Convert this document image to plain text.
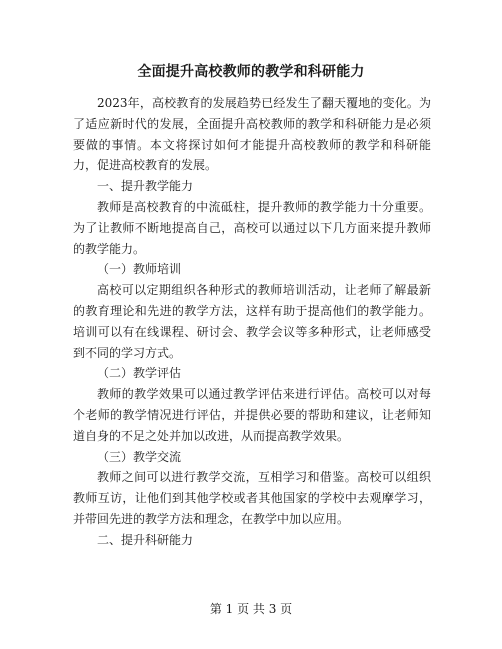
全面提升高校教师的教学和科研能力

2023年，高校教育的发展趋势已经发生了翻天覆地的变化。为了适应新时代的发展，全面提升高校教师的教学和科研能力是必须要做的事情。本文将探讨如何才能提升高校教师的教学和科研能力，促进高校教育的发展。

一、提升教学能力

教师是高校教育的中流砥柱，提升教师的教学能力十分重要。为了让教师不断地提高自己，高校可以通过以下几方面来提升教师的教学能力。

（一）教师培训

高校可以定期组织各种形式的教师培训活动，让老师了解最新的教育理论和先进的教学方法，这样有助于提高他们的教学能力。培训可以有在线课程、研讨会、教学会议等多种形式，让老师感受到不同的学习方式。

（二）教学评估

教师的教学效果可以通过教学评估来进行评估。高校可以对每个老师的教学情况进行评估，并提供必要的帮助和建议，让老师知道自身的不足之处并加以改进，从而提高教学效果。

（三）教学交流

教师之间可以进行教学交流，互相学习和借鉴。高校可以组织教师互访，让他们到其他学校或者其他国家的学校中去观摩学习，并带回先进的教学方法和理念，在教学中加以应用。

二、提升科研能力

第 1 页 共 3 页
